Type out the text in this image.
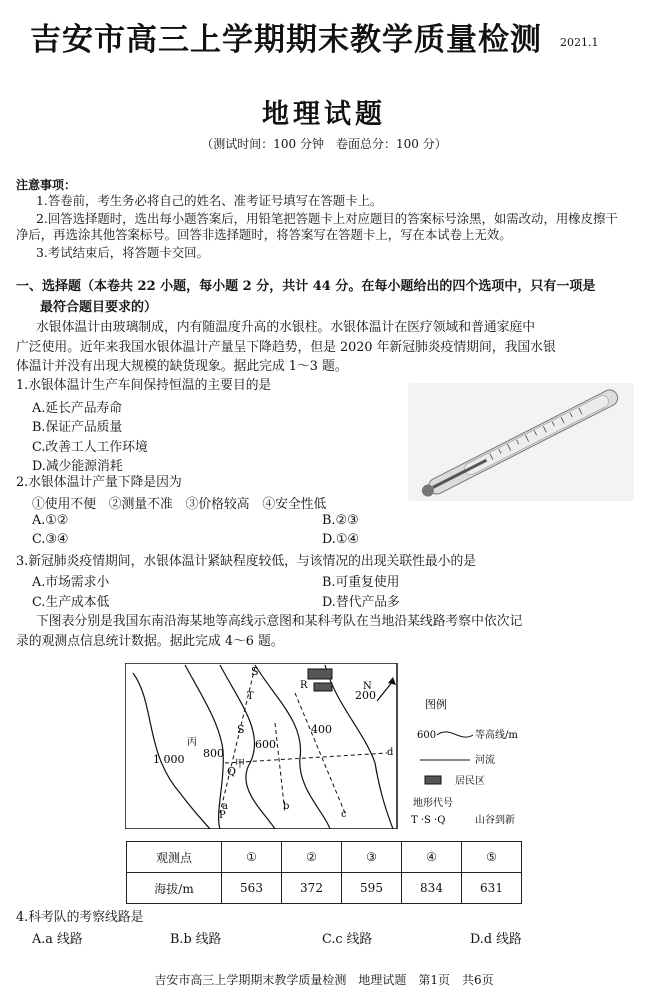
吉安市高三上学期期末教学质量检测 2021.1
地理试题
（测试时间：100 分钟　卷面总分：100 分）
注意事项：
1.答卷前，考生务必将自己的姓名、准考证号填写在答题卡上。
2.回答选择题时，选出每小题答案后，用铅笔把答题卡上对应题目的答案标号涂黑，如需改动，用橡皮擦干
净后，再选涂其他答案标号。回答非选择题时，将答案写在答题卡上，写在本试卷上无效。
3.考试结束后，将答题卡交回。
一、选择题（本卷共 22 小题，每小题 2 分，共计 44 分。在每小题给出的四个选项中，只有一项是
最符合题目要求的）
水银体温计由玻璃制成，内有随温度升高的水银柱。水银体温计在医疗领域和普通家庭中
广泛使用。近年来我国水银体温计产量呈下降趋势，但是 2020 年新冠肺炎疫情期间，我国水银
体温计并没有出现大规模的缺货现象。据此完成 1～3 题。
1.水银体温计生产车间保持恒温的主要目的是
A.延长产品寿命
B.保证产品质量
C.改善工人工作环境
D.减少能源消耗
2.水银体温计产量下降是因为
①使用不便　②测量不准　③价格较高　④安全性低
A.①②	B.②③
C.③④	D.①④
3.新冠肺炎疫情期间，水银体温计紧缺程度较低，与该情况的出现关联性最小的是
A.市场需求小	B.可重复使用
C.生产成本低	D.替代产品多
下图表分别是我国东南沿海某地等高线示意图和某科考队在当地沿某线路考察中依次记
录的观测点信息统计数据。据此完成 4～6 题。
N
1 000 800
600
400
200
S
T
S
丙
甲
Q
P
R
a	b
c
d
图例
600	等高线/m
河流
居民区
地形代号
T ·S ·Q	山谷到新
观测点	①	②	③	④	⑤
海拔/m	563	372	595	834	631
4.科考队的考察线路是
A.a 线路	B.b 线路	C.c 线路	D.d 线路
吉安市高三上学期期末教学质量检测　地理试题　第1页　共6页
